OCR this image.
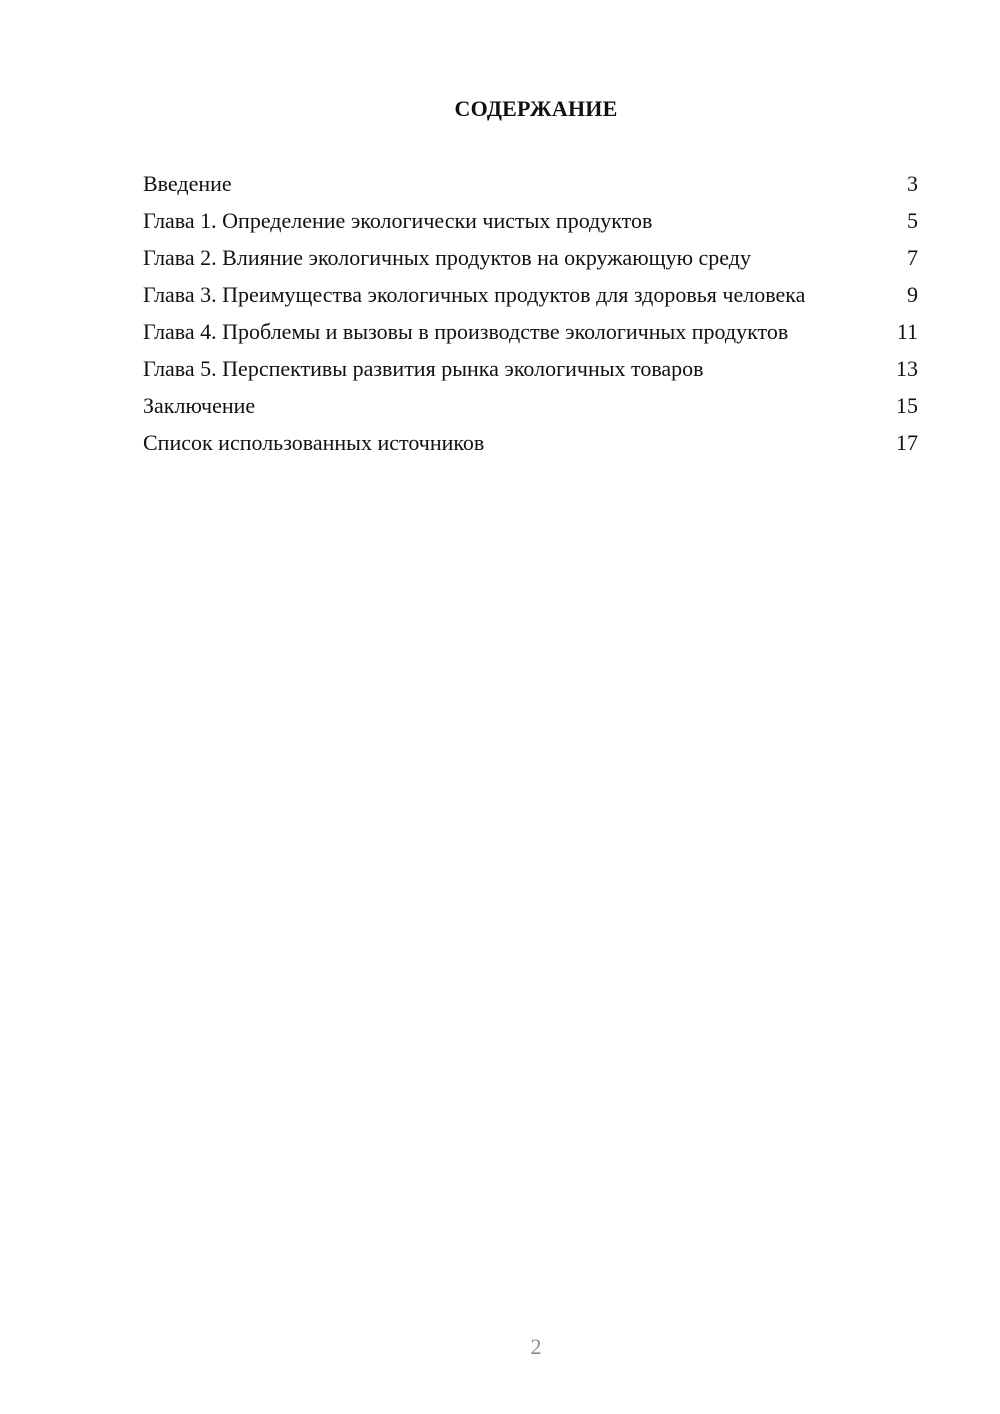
СОДЕРЖАНИЕ
Введение	3
Глава 1. Определение экологически чистых продуктов	5
Глава 2. Влияние экологичных продуктов на окружающую среду	7
Глава 3. Преимущества экологичных продуктов для здоровья человека	9
Глава 4. Проблемы и вызовы в производстве экологичных продуктов	11
Глава 5. Перспективы развития рынка экологичных товаров	13
Заключение	15
Список использованных источников	17
2
